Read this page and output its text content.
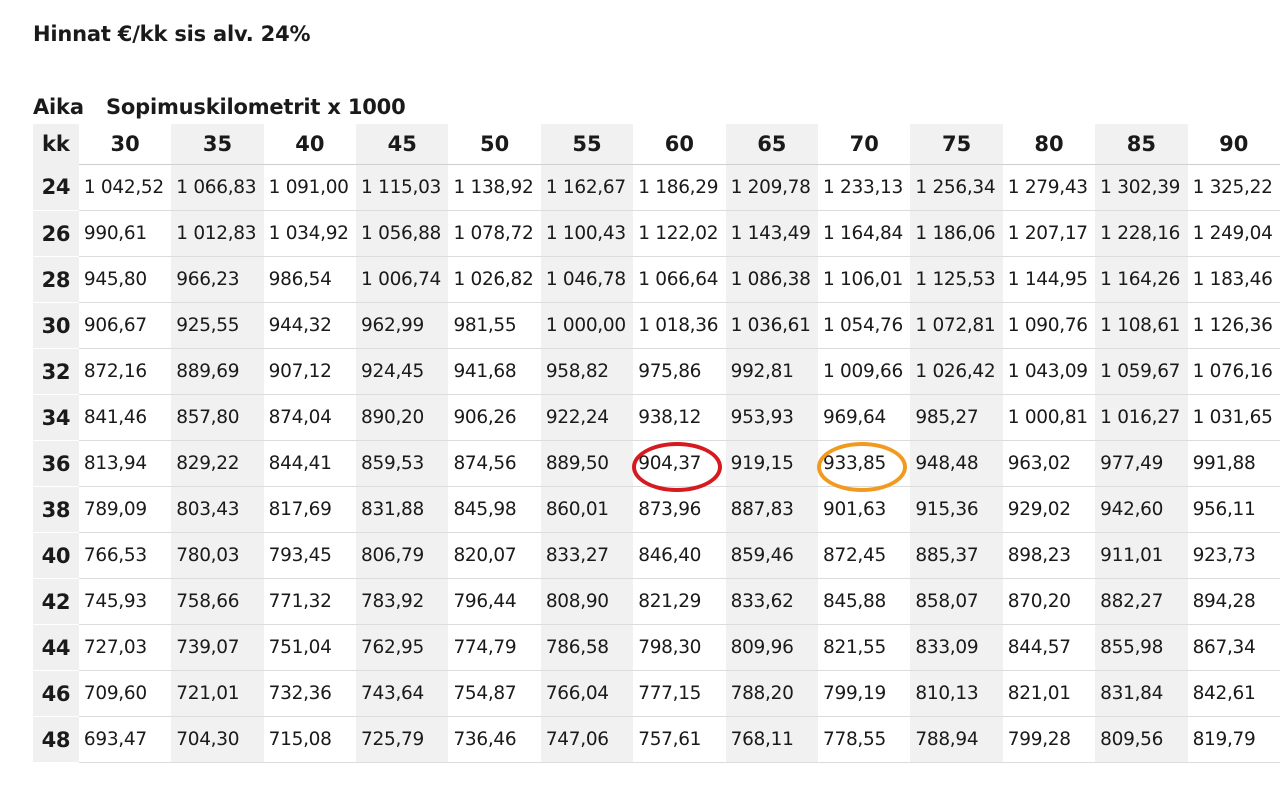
Hinnat €/kk sis alv. 24%
Aika Sopimuskilometrit x 1000
kk	30	35	40	45	50	55	60	65	70	75	80	85	90
24	1 042,52	1 066,83	1 091,00	1 115,03	1 138,92	1 162,67	1 186,29	1 209,78	1 233,13	1 256,34	1 279,43	1 302,39	1 325,22
26	990,61	1 012,83	1 034,92	1 056,88	1 078,72	1 100,43	1 122,02	1 143,49	1 164,84	1 186,06	1 207,17	1 228,16	1 249,04
28	945,80	966,23	986,54	1 006,74	1 026,82	1 046,78	1 066,64	1 086,38	1 106,01	1 125,53	1 144,95	1 164,26	1 183,46
30	906,67	925,55	944,32	962,99	981,55	1 000,00	1 018,36	1 036,61	1 054,76	1 072,81	1 090,76	1 108,61	1 126,36
32	872,16	889,69	907,12	924,45	941,68	958,82	975,86	992,81	1 009,66	1 026,42	1 043,09	1 059,67	1 076,16
34	841,46	857,80	874,04	890,20	906,26	922,24	938,12	953,93	969,64	985,27	1 000,81	1 016,27	1 031,65
36	813,94	829,22	844,41	859,53	874,56	889,50	904,37	919,15	933,85	948,48	963,02	977,49	991,88
38	789,09	803,43	817,69	831,88	845,98	860,01	873,96	887,83	901,63	915,36	929,02	942,60	956,11
40	766,53	780,03	793,45	806,79	820,07	833,27	846,40	859,46	872,45	885,37	898,23	911,01	923,73
42	745,93	758,66	771,32	783,92	796,44	808,90	821,29	833,62	845,88	858,07	870,20	882,27	894,28
44	727,03	739,07	751,04	762,95	774,79	786,58	798,30	809,96	821,55	833,09	844,57	855,98	867,34
46	709,60	721,01	732,36	743,64	754,87	766,04	777,15	788,20	799,19	810,13	821,01	831,84	842,61
48	693,47	704,30	715,08	725,79	736,46	747,06	757,61	768,11	778,55	788,94	799,28	809,56	819,79
